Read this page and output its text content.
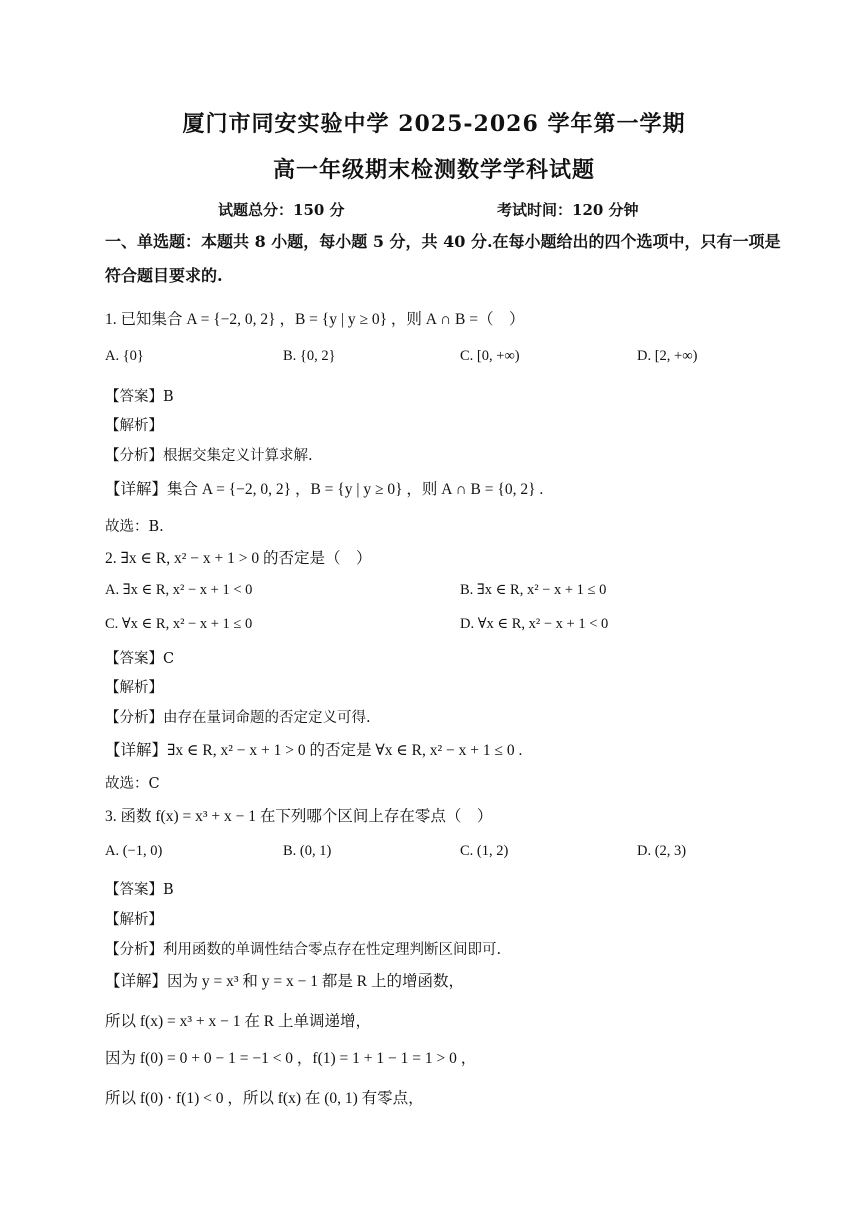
厦门市同安实验中学 2025-2026 学年第一学期
高一年级期末检测数学学科试题
试题总分：150 分	考试时间：120 分钟
一、单选题：本题共 8 小题，每小题 5 分，共 40 分.在每小题给出的四个选项中，只有一项是符合题目要求的.
1. 已知集合 A = {−2, 0, 2} ，B = {y | y ≥ 0} ，则 A ∩ B =（　）
A. {0}	B. {0, 2}	C. [0, +∞)	D. [2, +∞)
【答案】B
【解析】
【分析】根据交集定义计算求解.
【详解】集合 A = {−2, 0, 2} ，B = {y | y ≥ 0} ，则 A ∩ B = {0, 2} .
故选：B.
2. ∃x ∈ R, x² − x + 1 > 0 的否定是（　）
A. ∃x ∈ R, x² − x + 1 < 0	B. ∃x ∈ R, x² − x + 1 ≤ 0
C. ∀x ∈ R, x² − x + 1 ≤ 0	D. ∀x ∈ R, x² − x + 1 < 0
【答案】C
【解析】
【分析】由存在量词命题的否定定义可得.
【详解】∃x ∈ R, x² − x + 1 > 0 的否定是 ∀x ∈ R, x² − x + 1 ≤ 0 .
故选：C
3. 函数 f(x) = x³ + x − 1 在下列哪个区间上存在零点（　）
A. (−1, 0)	B. (0, 1)	C. (1, 2)	D. (2, 3)
【答案】B
【解析】
【分析】利用函数的单调性结合零点存在性定理判断区间即可.
【详解】因为 y = x³ 和 y = x − 1 都是 R 上的增函数，
所以 f(x) = x³ + x − 1 在 R 上单调递增，
因为 f(0) = 0 + 0 − 1 = −1 < 0 ，f(1) = 1 + 1 − 1 = 1 > 0 ，
所以 f(0) · f(1) < 0 ，所以 f(x) 在 (0, 1) 有零点，
